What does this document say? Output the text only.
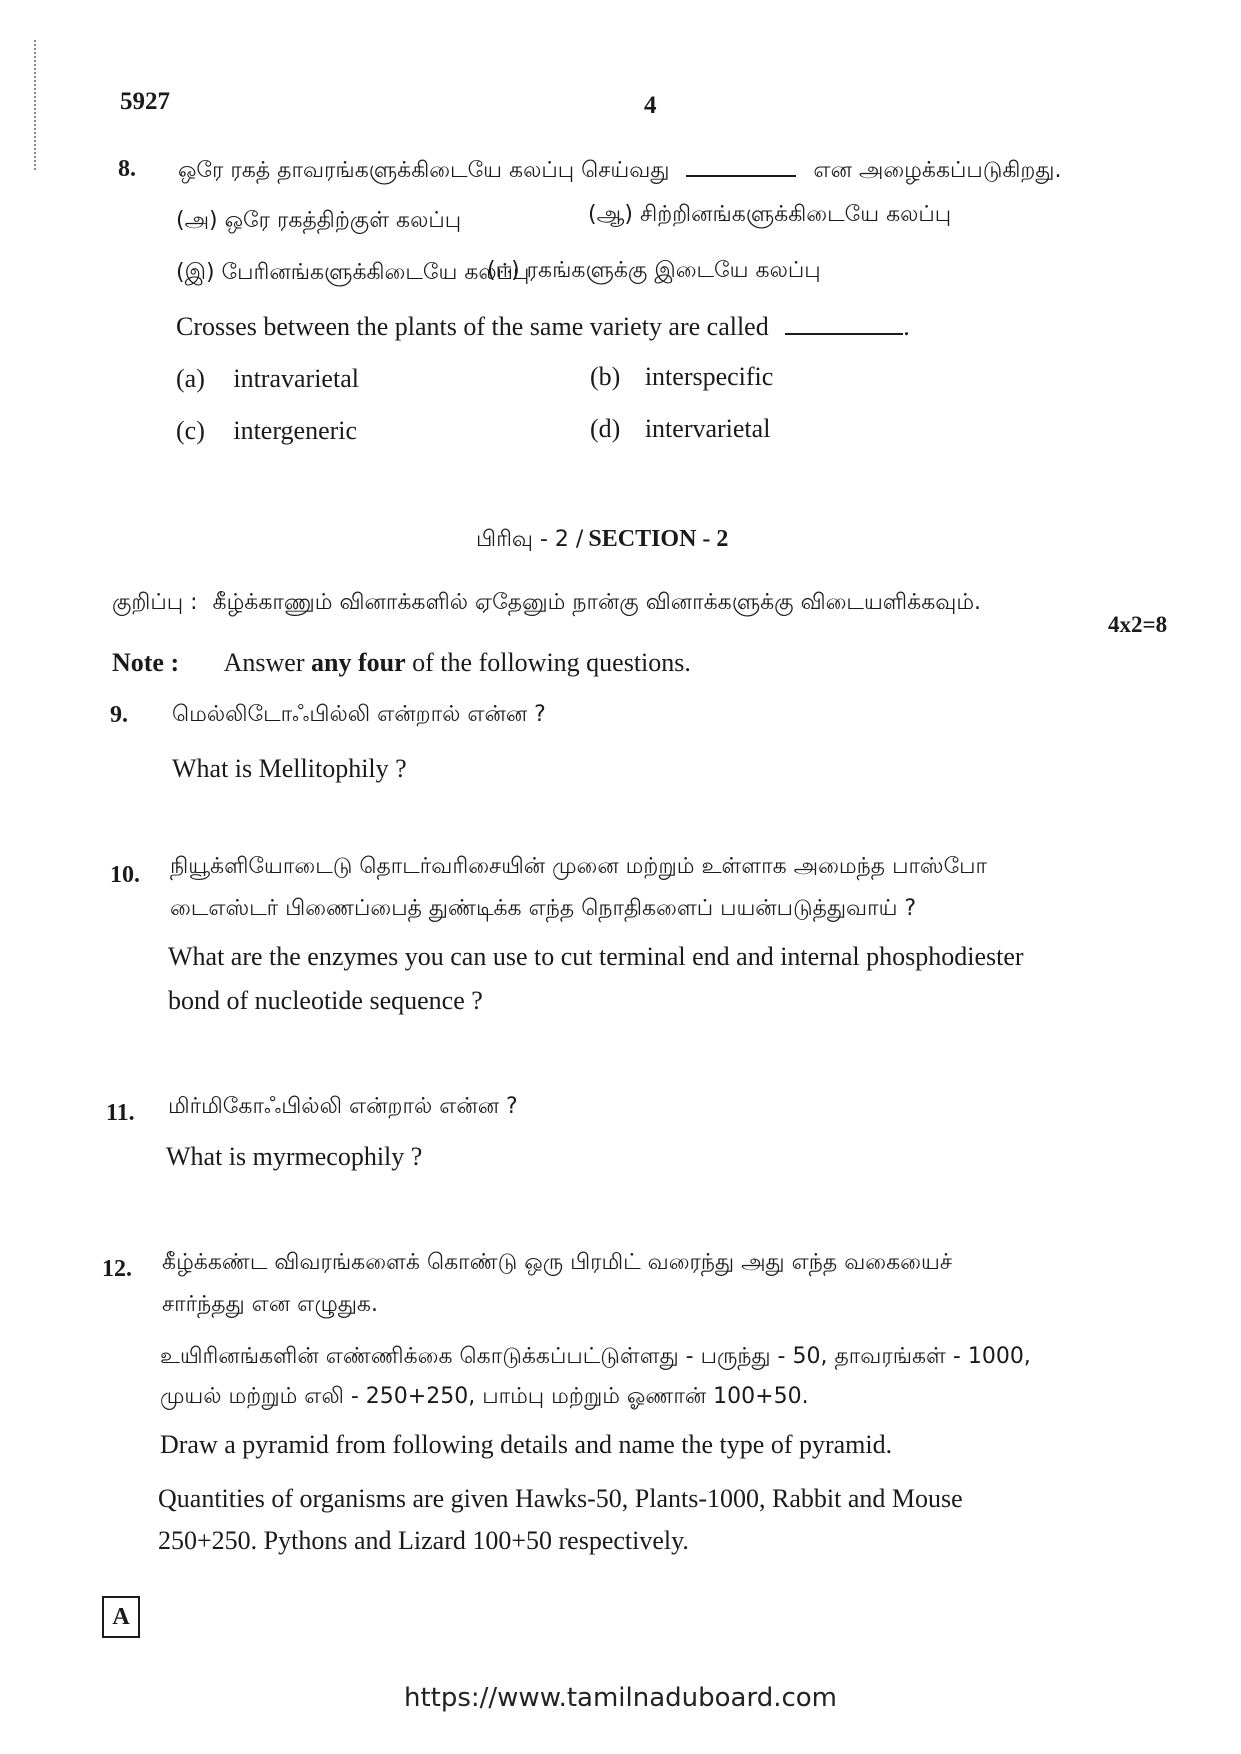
5927	4
8. ஒரே ரகத் தாவரங்களுக்கிடையே கலப்பு செய்வது	என அழைக்கப்படுகிறது.
(அ) ஒரே ரகத்திற்குள் கலப்பு	(ஆ) சிற்றினங்களுக்கிடையே கலப்பு
(இ) பேரினங்களுக்கிடையே கலப்பு
(ஈ) ரகங்களுக்கு இடையே கலப்பு
Crosses between the plants of the same variety are called	.
(a) intravarietal	(b) interspecific
(c) intergeneric	(d) intervarietal
பிரிவு - 2 / SECTION - 2
குறிப்பு : கீழ்க்காணும் வினாக்களில் ஏதேனும் நான்கு வினாக்களுக்கு விடையளிக்கவும்.
4x2=8
Note : Answer any four of the following questions.
9. மெல்லிடோஃபில்லி என்றால் என்ன ?
What is Mellitophily ?
10. நியூக்ளியோடைடு தொடர்வரிசையின் முனை மற்றும் உள்ளாக அமைந்த பாஸ்போ
டைஎஸ்டர் பிணைப்பைத் துண்டிக்க எந்த நொதிகளைப் பயன்படுத்துவாய் ?
What are the enzymes you can use to cut terminal end and internal phosphodiester
bond of nucleotide sequence ?
11. மிர்மிகோஃபில்லி என்றால் என்ன ?
What is myrmecophily ?
12. கீழ்க்கண்ட விவரங்களைக் கொண்டு ஒரு பிரமிட் வரைந்து அது எந்த வகையைச்
சார்ந்தது என எழுதுக.
உயிரினங்களின் எண்ணிக்கை கொடுக்கப்பட்டுள்ளது - பருந்து - 50, தாவரங்கள் - 1000,
முயல் மற்றும் எலி - 250+250, பாம்பு மற்றும் ஓணான் 100+50.
Draw a pyramid from following details and name the type of pyramid.
Quantities of organisms are given Hawks-50, Plants-1000, Rabbit and Mouse
250+250. Pythons and Lizard 100+50 respectively.
A
https://www.tamilnaduboard.com
